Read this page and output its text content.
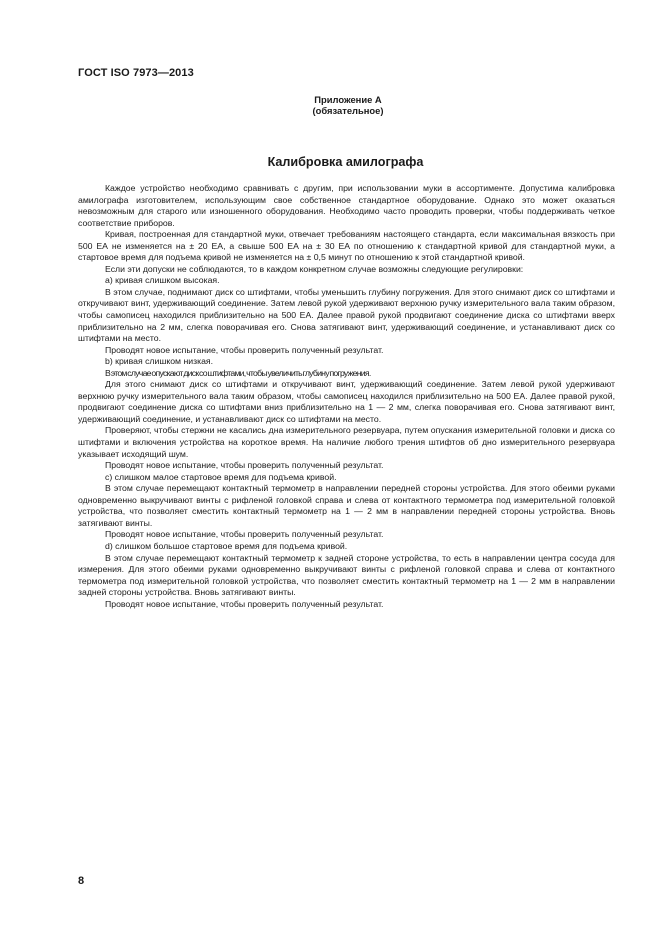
ГОСТ ISO 7973—2013
Приложение А
(обязательное)
Калибровка амилографа

Каждое устройство необходимо сравнивать с другим, при использовании муки в ассортименте. Допустима калибровка амилографа изготовителем, использующим свое собственное стандартное оборудование. Однако это может оказаться невозможным для старого или изношенного оборудования. Необходимо часто проводить проверки, чтобы поддерживать четкое соответствие приборов.

Кривая, построенная для стандартной муки, отвечает требованиям настоящего стандарта, если максимальная вязкость при 500 ЕА не изменяется на ± 20 ЕА, а свыше 500 ЕА на ± 30 ЕА по отношению к стандартной кривой для стандартной муки, а стартовое время для подъема кривой не изменяется на ± 0,5 минут по отношению к этой стандартной кривой.

Если эти допуски не соблюдаются, то в каждом конкретном случае возможны следующие регулировки:

а) кривая слишком высокая.

В этом случае, поднимают диск со штифтами, чтобы уменьшить глубину погружения. Для этого снимают диск со штифтами и откручивают винт, удерживающий соединение. Затем левой рукой удерживают верхнюю ручку измерительного вала таким образом, чтобы самописец находился приблизительно на 500 ЕА. Далее правой рукой продвигают соединение диска со штифтами вверх приблизительно на 2 мм, слегка поворачивая его. Снова затягивают винт, удерживающий соединение, и устанавливают диск со штифтами на место.

Проводят новое испытание, чтобы проверить полученный результат.

b) кривая слишком низкая.

В этом случае опускают диск со штифтами, чтобы увеличить глубину погружения.

Для этого снимают диск со штифтами и откручивают винт, удерживающий соединение. Затем левой рукой удерживают верхнюю ручку измерительного вала таким образом, чтобы самописец находился приблизительно на 500 ЕА. Далее правой рукой, продвигают соединение диска со штифтами вниз приблизительно на 1 — 2 мм, слегка поворачивая его. Снова затягивают винт, удерживающий соединение, и устанавливают диск со штифтами на место.

Проверяют, чтобы стержни не касались дна измерительного резервуара, путем опускания измерительной головки и диска со штифтами и включения устройства на короткое время. На наличие любого трения штифтов об дно измерительного резервуара указывает исходящий шум.

Проводят новое испытание, чтобы проверить полученный результат.

с) слишком малое стартовое время для подъема кривой.

В этом случае перемещают контактный термометр в направлении передней стороны устройства. Для этого обеими руками одновременно выкручивают винты с рифленой головкой справа и слева от контактного термометра под измерительной головкой устройства, что позволяет сместить контактный термометр на 1 — 2 мм в направлении передней стороны устройства. Вновь затягивают винты.

Проводят новое испытание, чтобы проверить полученный результат.

d) слишком большое стартовое время для подъема кривой.

В этом случае перемещают контактный термометр к задней стороне устройства, то есть в направлении центра сосуда для измерения. Для этого обеими руками одновременно выкручивают винты с рифленой головкой справа и слева от контактного термометра под измерительной головкой устройства, что позволяет сместить контактный термометр на 1 — 2 мм в направлении задней стороны устройства. Вновь затягивают винты.

Проводят новое испытание, чтобы проверить полученный результат.

8
